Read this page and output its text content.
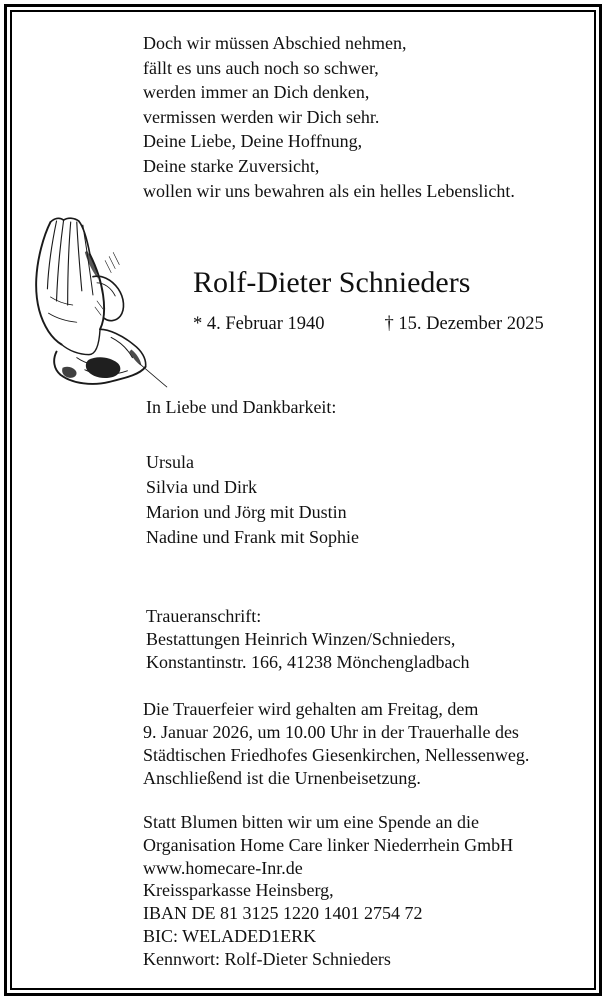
Doch wir müssen Abschied nehmen,
fällt es uns auch noch so schwer,
werden immer an Dich denken,
vermissen werden wir Dich sehr.
Deine Liebe, Deine Hoffnung,
Deine starke Zuversicht,
wollen wir uns bewahren als ein helles Lebenslicht.
Rolf-Dieter Schnieders
* 4. Februar 1940	† 15. Dezember 2025
In Liebe und Dankbarkeit:
Ursula
Silvia und Dirk
Marion und Jörg mit Dustin
Nadine und Frank mit Sophie
Traueranschrift:
Bestattungen Heinrich Winzen/Schnieders,
Konstantinstr. 166, 41238 Mönchengladbach
Die Trauerfeier wird gehalten am Freitag, dem
9. Januar 2026, um 10.00 Uhr in der Trauerhalle des
Städtischen Friedhofes Giesenkirchen, Nellessenweg.
Anschließend ist die Urnenbeisetzung.
Statt Blumen bitten wir um eine Spende an die
Organisation Home Care linker Niederrhein GmbH
www.homecare-Inr.de
Kreissparkasse Heinsberg,
IBAN DE 81 3125 1220 1401 2754 72
BIC: WELADED1ERK
Kennwort: Rolf-Dieter Schnieders
